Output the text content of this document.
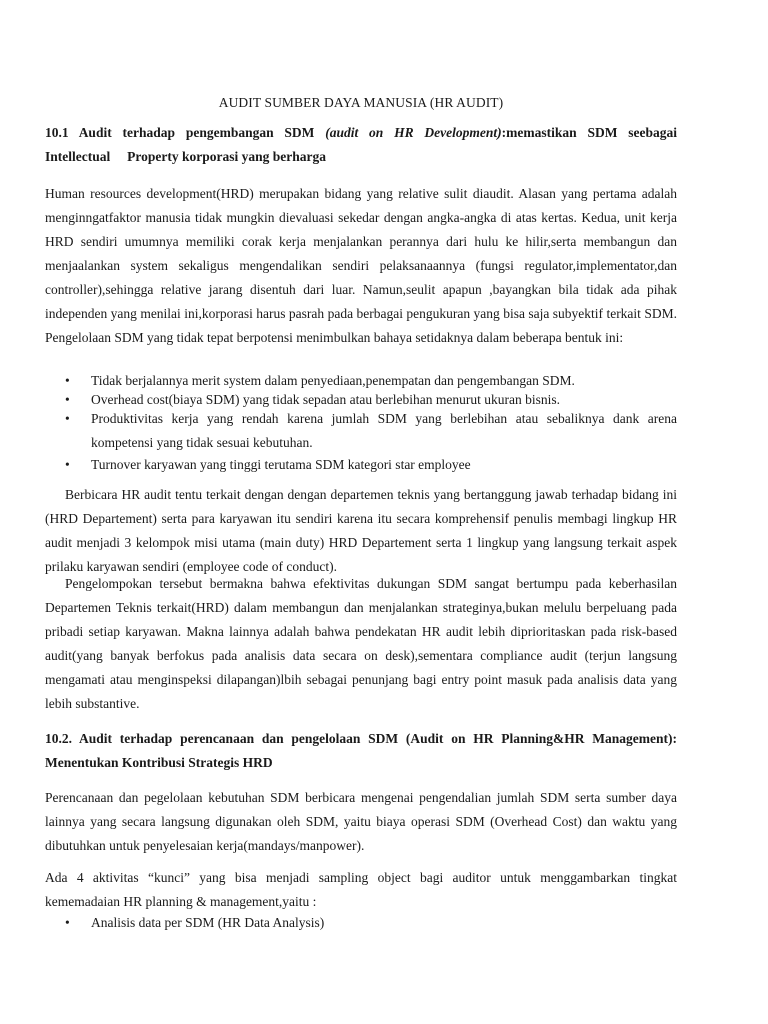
AUDIT SUMBER DAYA MANUSIA (HR AUDIT)
10.1 Audit terhadap pengembangan SDM (audit on HR Development):memastikan SDM seebagai Intellectual     Property korporasi yang berharga
Human resources development(HRD) merupakan bidang yang relative sulit diaudit. Alasan yang pertama adalah menginngatfaktor manusia tidak mungkin dievaluasi sekedar dengan angka-angka di atas kertas. Kedua, unit kerja HRD sendiri umumnya memiliki corak kerja menjalankan perannya dari hulu ke hilir,serta membangun dan menjaalankan system sekaligus mengendalikan sendiri pelaksanaannya (fungsi regulator,implementator,dan controller),sehingga relative jarang disentuh dari luar. Namun,seulit apapun ,bayangkan bila tidak ada pihak independen yang menilai ini,korporasi harus pasrah pada berbagai pengukuran yang bisa saja subyektif terkait SDM. Pengelolaan SDM yang tidak tepat berpotensi menimbulkan bahaya setidaknya dalam beberapa bentuk ini:
• Tidak berjalannya merit system dalam penyediaan,penempatan dan pengembangan SDM.
• Overhead cost(biaya SDM) yang tidak sepadan atau berlebihan menurut ukuran bisnis.
• Produktivitas kerja yang rendah karena jumlah SDM yang berlebihan atau sebaliknya dank arena kompetensi yang tidak sesuai kebutuhan.
• Turnover karyawan yang tinggi terutama SDM kategori star employee
Berbicara HR audit tentu terkait dengan dengan departemen teknis yang bertanggung jawab terhadap bidang ini (HRD Departement) serta para karyawan itu sendiri karena itu secara komprehensif penulis membagi lingkup HR audit menjadi 3 kelompok misi utama (main duty) HRD Departement serta 1 lingkup yang langsung terkait aspek prilaku karyawan sendiri (employee code of conduct).
Pengelompokan tersebut bermakna bahwa efektivitas dukungan SDM sangat bertumpu pada keberhasilan Departemen Teknis terkait(HRD) dalam membangun dan menjalankan strateginya,bukan melulu berpeluang pada pribadi setiap karyawan. Makna lainnya adalah bahwa pendekatan HR audit lebih diprioritaskan pada risk-based audit(yang banyak berfokus pada analisis data secara on desk),sementara compliance audit (terjun langsung mengamati atau menginspeksi dilapangan)lbih sebagai penunjang bagi entry point masuk pada analisis data yang lebih substantive.
10.2. Audit terhadap perencanaan dan pengelolaan SDM (Audit on HR Planning&HR Management): Menentukan Kontribusi Strategis HRD
Perencanaan dan pegelolaan kebutuhan SDM berbicara mengenai pengendalian jumlah SDM serta sumber daya lainnya yang secara langsung digunakan oleh SDM, yaitu biaya operasi SDM (Overhead Cost) dan waktu yang dibutuhkan untuk penyelesaian kerja(mandays/manpower).
Ada 4 aktivitas “kunci” yang bisa menjadi sampling object bagi auditor untuk menggambarkan tingkat kememadaian HR planning & management,yaitu :
• Analisis data per SDM (HR Data Analysis)
